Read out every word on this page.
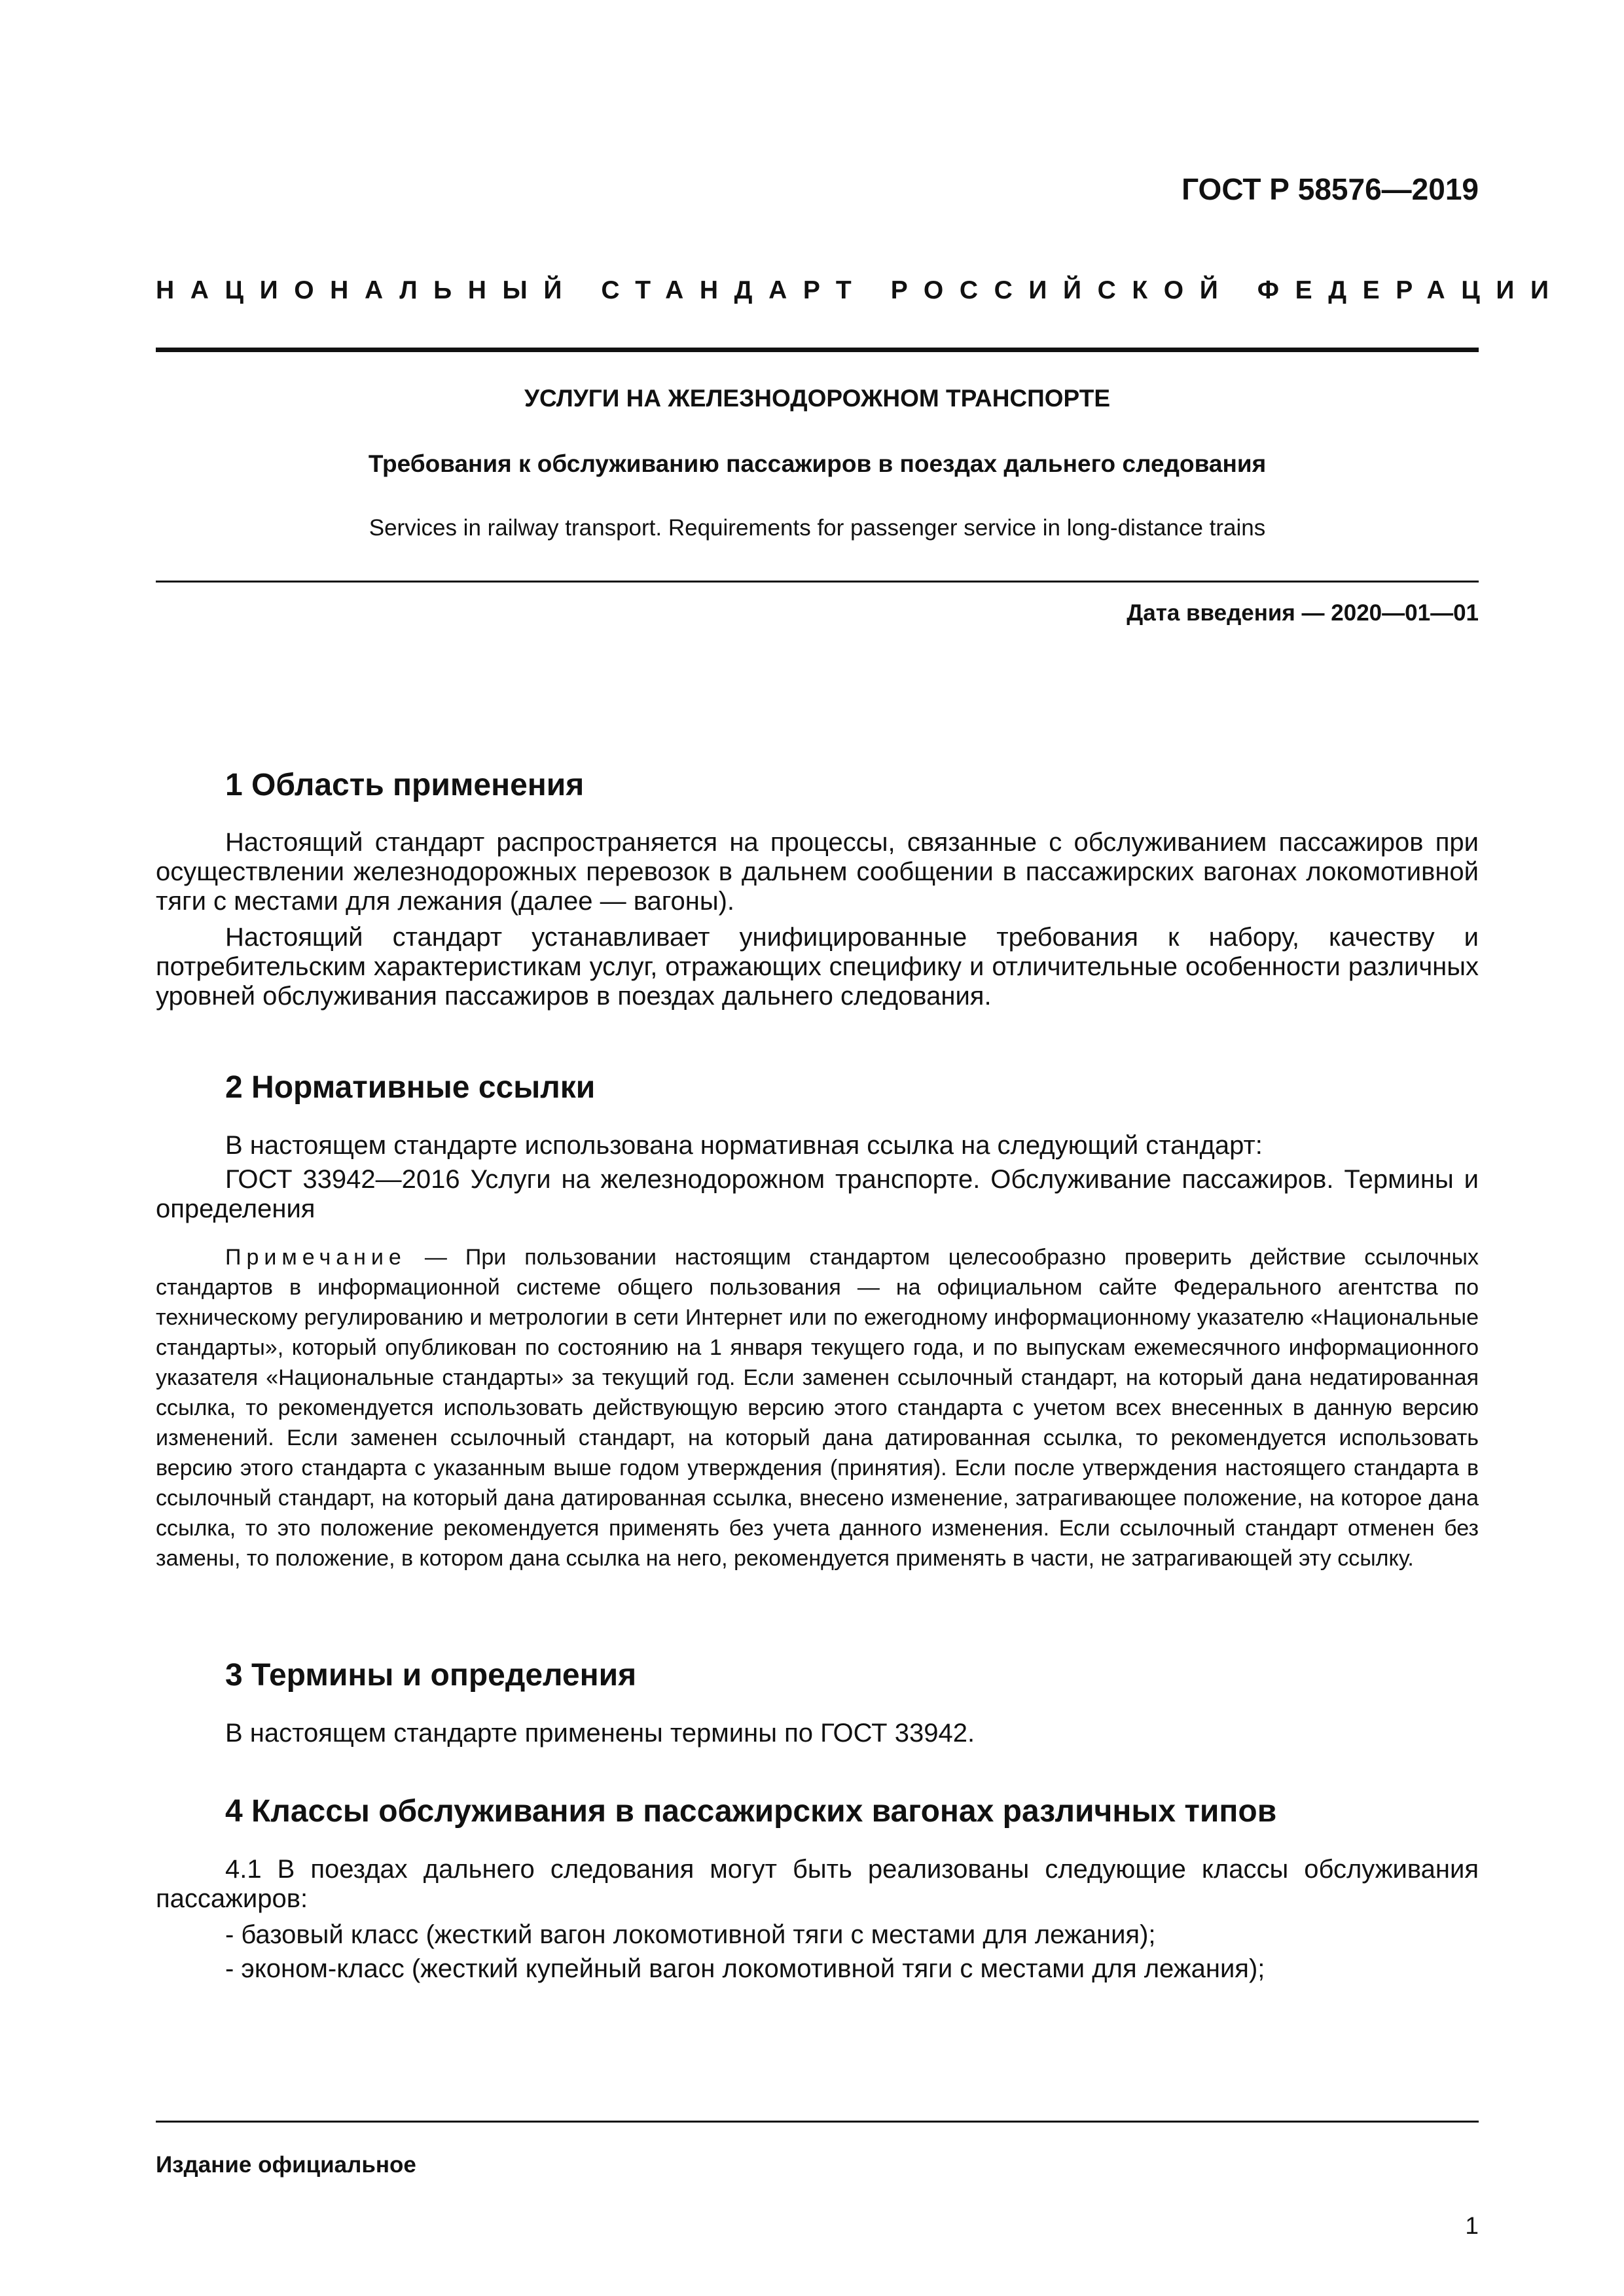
ГОСТ Р 58576—2019
НАЦИОНАЛЬНЫЙ СТАНДАРТ РОССИЙСКОЙ ФЕДЕРАЦИИ
УСЛУГИ НА ЖЕЛЕЗНОДОРОЖНОМ ТРАНСПОРТЕ
Требования к обслуживанию пассажиров в поездах дальнего следования
Services in railway transport. Requirements for passenger service in long-distance trains
Дата введения — 2020—01—01
1 Область применения

Настоящий стандарт распространяется на процессы, связанные с обслуживанием пассажиров при осуществлении железнодорожных перевозок в дальнем сообщении в пассажирских вагонах локомотивной тяги с местами для лежания (далее — вагоны).

Настоящий стандарт устанавливает унифицированные требования к набору, качеству и потребительским характеристикам услуг, отражающих специфику и отличительные особенности различных уровней обслуживания пассажиров в поездах дальнего следования.

2 Нормативные ссылки

В настоящем стандарте использована нормативная ссылка на следующий стандарт:

ГОСТ 33942—2016 Услуги на железнодорожном транспорте. Обслуживание пассажиров. Термины и определения

Примечание — При пользовании настоящим стандартом целесообразно проверить действие ссылочных стандартов в информационной системе общего пользования — на официальном сайте Федерального агентства по техническому регулированию и метрологии в сети Интернет или по ежегодному информационному указателю «Национальные стандарты», который опубликован по состоянию на 1 января текущего года, и по выпускам ежемесячного информационного указателя «Национальные стандарты» за текущий год. Если заменен ссылочный стандарт, на который дана недатированная ссылка, то рекомендуется использовать действующую версию этого стандарта с учетом всех внесенных в данную версию изменений. Если заменен ссылочный стандарт, на который дана датированная ссылка, то рекомендуется использовать версию этого стандарта с указанным выше годом утверждения (принятия). Если после утверждения настоящего стандарта в ссылочный стандарт, на который дана датированная ссылка, внесено изменение, затрагивающее положение, на которое дана ссылка, то это положение рекомендуется применять без учета данного изменения. Если ссылочный стандарт отменен без замены, то положение, в котором дана ссылка на него, рекомендуется применять в части, не затрагивающей эту ссылку.

3 Термины и определения

В настоящем стандарте применены термины по ГОСТ 33942.

4 Классы обслуживания в пассажирских вагонах различных типов

4.1 В поездах дальнего следования могут быть реализованы следующие классы обслуживания пассажиров:

- базовый класс (жесткий вагон локомотивной тяги с местами для лежания);
- эконом-класс (жесткий купейный вагон локомотивной тяги с местами для лежания);
Издание официальное
1
